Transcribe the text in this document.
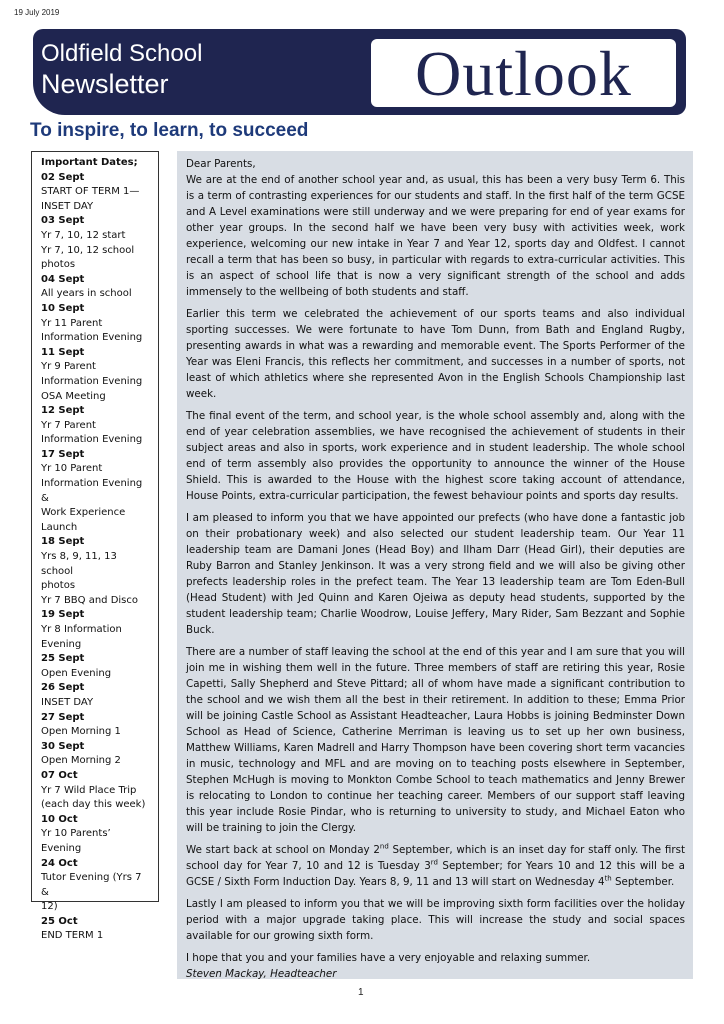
19 July 2019
Oldfield School
Newsletter	Outlook
To inspire, to learn, to succeed
Important Dates;
02 Sept
START OF TERM 1—
INSET DAY
03 Sept
Yr 7, 10, 12 start
Yr 7, 10, 12 school
photos
04 Sept
All years in school
10 Sept
Yr 11 Parent
Information Evening
11 Sept
Yr 9 Parent
Information Evening
OSA Meeting
12 Sept
Yr 7 Parent
Information Evening
17 Sept
Yr 10 Parent
Information Evening &
Work Experience
Launch
18 Sept
Yrs 8, 9, 11, 13 school
photos
Yr 7 BBQ and Disco
19 Sept
Yr 8 Information
Evening
25 Sept
Open Evening
26 Sept
INSET DAY
27 Sept
Open Morning 1
30 Sept
Open Morning 2
07 Oct
Yr 7 Wild Place Trip
(each day this week)
10 Oct
Yr 10 Parents’ Evening
24 Oct
Tutor Evening (Yrs 7 &
12)
25 Oct
END TERM 1

Dear Parents,

We are at the end of another school year and, as usual, this has been a very busy Term 6. This is a term of contrasting experiences for our students and staff. In the first half of the term GCSE and A Level examinations were still underway and we were preparing for end of year exams for other year groups. In the second half we have been very busy with activities week, work experience, welcoming our new intake in Year 7 and Year 12, sports day and Oldfest. I cannot recall a term that has been so busy, in particular with regards to extra-curricular activities. This is an aspect of school life that is now a very significant strength of the school and adds immensely to the wellbeing of both students and staff.

Earlier this term we celebrated the achievement of our sports teams and also individual sporting successes. We were fortunate to have Tom Dunn, from Bath and England Rugby, presenting awards in what was a rewarding and memorable event. The Sports Performer of the Year was Eleni Francis, this reflects her commitment, and successes in a number of sports, not least of which athletics where she represented Avon in the English Schools Championship last week.

The final event of the term, and school year, is the whole school assembly and, along with the end of year celebration assemblies, we have recognised the achievement of students in their subject areas and also in sports, work experience and in student leadership. The whole school end of term assembly also provides the opportunity to announce the winner of the House Shield. This is awarded to the House with the highest score taking account of attendance, House Points, extra-curricular participation, the fewest behaviour points and sports day results.

I am pleased to inform you that we have appointed our prefects (who have done a fantastic job on their probationary week) and also selected our student leadership team. Our Year 11 leadership team are Damani Jones (Head Boy) and Ilham Darr (Head Girl), their deputies are Ruby Barron and Stanley Jenkinson. It was a very strong field and we will also be giving other prefects leadership roles in the prefect team. The Year 13 leadership team are Tom Eden-Bull (Head Student) with Jed Quinn and Karen Ojeiwa as deputy head students, supported by the student leadership team; Charlie Woodrow, Louise Jeffery, Mary Rider, Sam Bezzant and Sophie Buck.

There are a number of staff leaving the school at the end of this year and I am sure that you will join me in wishing them well in the future. Three members of staff are retiring this year, Rosie Capetti, Sally Shepherd and Steve Pittard; all of whom have made a significant contribution to the school and we wish them all the best in their retirement. In addition to these; Emma Prior will be joining Castle School as Assistant Headteacher, Laura Hobbs is joining Bedminster Down School as Head of Science, Catherine Merriman is leaving us to set up her own business, Matthew Williams, Karen Madrell and Harry Thompson have been covering short term vacancies in music, technology and MFL and are moving on to teaching posts elsewhere in September, Stephen McHugh is moving to Monkton Combe School to teach mathematics and Jenny Brewer is relocating to London to continue her teaching career. Members of our support staff leaving this year include Rosie Pindar, who is returning to university to study, and Michael Eaton who will be training to join the Clergy.

We start back at school on Monday 2nd September, which is an inset day for staff only. The first school day for Year 7, 10 and 12 is Tuesday 3rd September; for Years 10 and 12 this will be a GCSE / Sixth Form Induction Day. Years 8, 9, 11 and 13 will start on Wednesday 4th September.

Lastly I am pleased to inform you that we will be improving sixth form facilities over the holiday period with a major upgrade taking place. This will increase the study and social spaces available for our growing sixth form.

I hope that you and your families have a very enjoyable and relaxing summer.

Steven Mackay, Headteacher

1
